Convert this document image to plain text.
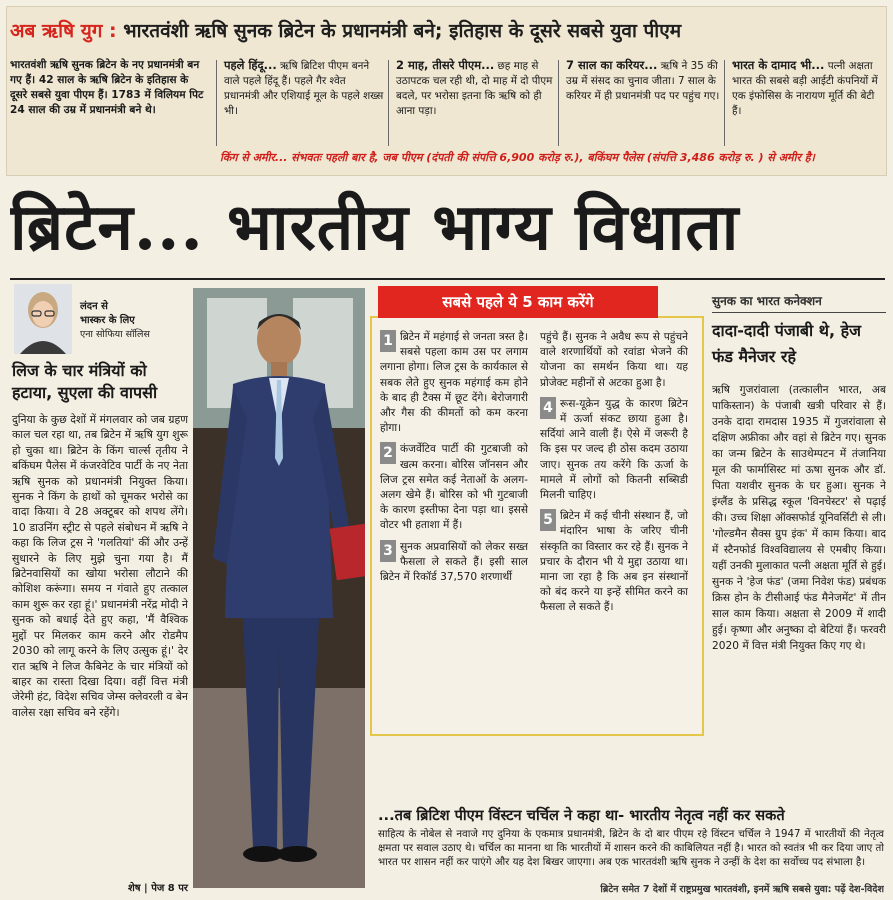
अब ऋषि युग : भारतवंशी ऋषि सुनक ब्रिटेन के प्रधानमंत्री बने; इतिहास के दूसरे सबसे युवा पीएम
भारतवंशी ऋषि सुनक ब्रिटेन के नए प्रधानमंत्री बन गए हैं। 42 साल के ऋषि ब्रिटेन के इतिहास के दूसरे सबसे युवा पीएम हैं। 1783 में विलियम पिट 24 साल की उम्र में प्रधानमंत्री बने थे।
पहले हिंदू... ऋषि ब्रिटिश पीएम बनने वाले पहले हिंदू हैं। पहले गैर श्वेत प्रधानमंत्री और एशियाई मूल के पहले शख्स भी।
2 माह, तीसरे पीएम... छह माह से उठापटक चल रही थी, दो माह में दो पीएम बदले, पर भरोसा इतना कि ऋषि को ही आना पड़ा।
7 साल का करियर... ऋषि ने 35 की उम्र में संसद का चुनाव जीता। 7 साल के करियर में ही प्रधानमंत्री पद पर पहुंच गए।
भारत के दामाद भी... पत्नी अक्षता भारत की सबसे बड़ी आईटी कंपनियों में एक इंफोसिस के नारायण मूर्ति की बेटी हैं।
किंग से अमीर... संभवतः पहली बार है, जब पीएम (दंपती की संपत्ति 6,900 करोड़ रु.), बकिंघम पैलेस (संपत्ति 3,486 करोड़ रु. ) से अमीर है।
ब्रिटेन... भारतीय भाग्य विधाता
लंदन से
भास्कर के लिए
एना सोफिया सॉलिस
लिज के चार मंत्रियों को हटाया, सुएला की वापसी
दुनिया के कुछ देशों में मंगलवार को जब ग्रहण काल चल रहा था, तब ब्रिटेन में ऋषि युग शुरू हो चुका था। ब्रिटेन के किंग चार्ल्स तृतीय ने बकिंघम पैलेस में कंजरवेटिव पार्टी के नए नेता ऋषि सुनक को प्रधानमंत्री नियुक्त किया। सुनक ने किंग के हाथों को चूमकर भरोसे का वादा किया। वे 28 अक्टूबर को शपथ लेंगे। 10 डाउनिंग स्ट्रीट से पहले संबोधन में ऋषि ने कहा कि लिज ट्रस ने 'गलतियां' कीं और उन्हें सुधारने के लिए मुझे चुना गया है। मैं ब्रिटेनवासियों का खोया भरोसा लौटाने की कोशिश करूंगा। समय न गंवाते हुए तत्काल काम शुरू कर रहा हूं।' प्रधानमंत्री नरेंद्र मोदी ने सुनक को बधाई देते हुए कहा, 'मैं वैश्विक मुद्दों पर मिलकर काम करने और रोडमैप 2030 को लागू करने के लिए उत्सुक हूं।' देर रात ऋषि ने लिज कैबिनेट के चार मंत्रियों को बाहर का रास्ता दिखा दिया। वहीं वित्त मंत्री जेरेमी हंट, विदेश सचिव जेम्स क्लेवरली व बेन वालेस रक्षा सचिव बने रहेंगे।
शेष | पेज 8 पर
सबसे पहले ये 5 काम करेंगे
1 ब्रिटेन में महंगाई से जनता त्रस्त है। सबसे पहला काम उस पर लगाम लगाना होगा। लिज ट्रस के कार्यकाल से सबक लेते हुए सुनक महंगाई कम होने के बाद ही टैक्स में छूट देंगे। बेरोजगारी और गैस की कीमतों को कम करना होगा।
2 कंजर्वेटिव पार्टी की गुटबाजी को खत्म करना। बोरिस जॉनसन और लिज ट्रस समेत कई नेताओं के अलग-अलग खेमे हैं। बोरिस को भी गुटबाजी के कारण इस्तीफा देना पड़ा था। इससे वोटर भी हताशा में हैं।
3 सुनक अप्रवासियों को लेकर सख्त फैसला ले सकते हैं। इसी साल ब्रिटेन में रिकॉर्ड 37,570 शरणार्थी
पहुंचे हैं। सुनक ने अवैध रूप से पहुंचने वाले शरणार्थियों को रवांडा भेजने की योजना का समर्थन किया था। यह प्रोजेक्ट महीनों से अटका हुआ है।
4 रूस-यूक्रेन युद्ध के कारण ब्रिटेन में ऊर्जा संकट छाया हुआ है। सर्दियां आने वाली हैं। ऐसे में जरूरी है कि इस पर जल्द ही ठोस कदम उठाया जाए। सुनक तय करेंगे कि ऊर्जा के मामले में लोगों को कितनी सब्सिडी मिलनी चाहिए।
5 ब्रिटेन में कई चीनी संस्थान हैं, जो मंदारिन भाषा के जरिए चीनी संस्कृति का विस्तार कर रहे हैं। सुनक ने प्रचार के दौरान भी ये मुद्दा उठाया था। माना जा रहा है कि अब इन संस्थानों को बंद करने या इन्हें सीमित करने का फैसला ले सकते हैं।
सुनक का भारत कनेक्शन
दादा-दादी पंजाबी थे, हेज फंड मैनेजर रहे
ऋषि गुजरांवाला (तत्कालीन भारत, अब पाकिस्तान) के पंजाबी खत्री परिवार से हैं। उनके दादा रामदास 1935 में गुजरांवाला से दक्षिण अफ्रीका और वहां से ब्रिटेन गए। सुनक का जन्म ब्रिटेन के साउथेम्पटन में तंजानिया मूल की फार्मासिस्ट मां ऊषा सुनक और डॉ. पिता यशवीर सुनक के घर हुआ। सुनक ने इंग्लैंड के प्रसिद्ध स्कूल 'विनचेस्टर' से पढ़ाई की। उच्च शिक्षा ऑक्सफोर्ड यूनिवर्सिटी से ली। 'गोल्डमैन सैक्स ग्रुप इंक' में काम किया। बाद में स्टैनफोर्ड विश्वविद्यालय से एमबीए किया। यहीं उनकी मुलाकात पत्नी अक्षता मूर्ति से हुई। सुनक ने 'हेज फंड' (जमा निवेश फंड) प्रबंधक क्रिस होन के टीसीआई फंड मैनेजमेंट' में तीन साल काम किया। अक्षता से 2009 में शादी हुई। कृष्णा और अनुष्का दो बेटियां हैं। फरवरी 2020 में वित्त मंत्री नियुक्त किए गए थे।
...तब ब्रिटिश पीएम विंस्टन चर्चिल ने कहा था- भारतीय नेतृत्व नहीं कर सकते
साहित्य के नोबेल से नवाजे गए दुनिया के एकमात्र प्रधानमंत्री, ब्रिटेन के दो बार पीएम रहे विंस्टन चर्चिल ने 1947 में भारतीयों की नेतृत्व क्षमता पर सवाल उठाए थे। चर्चिल का मानना था कि भारतीयों में शासन करने की काबिलियत नहीं है। भारत को स्वतंत्र भी कर दिया जाए तो भारत पर शासन नहीं कर पाएंगे और यह देश बिखर जाएगा। अब एक भारतवंशी ऋषि सुनक ने उन्हीं के देश का सर्वोच्च पद संभाला है।
ब्रिटेन समेत 7 देशों में राष्ट्रप्रमुख भारतवंशी, इनमें ऋषि सबसे युवा: पढ़ें देश-विदेश
